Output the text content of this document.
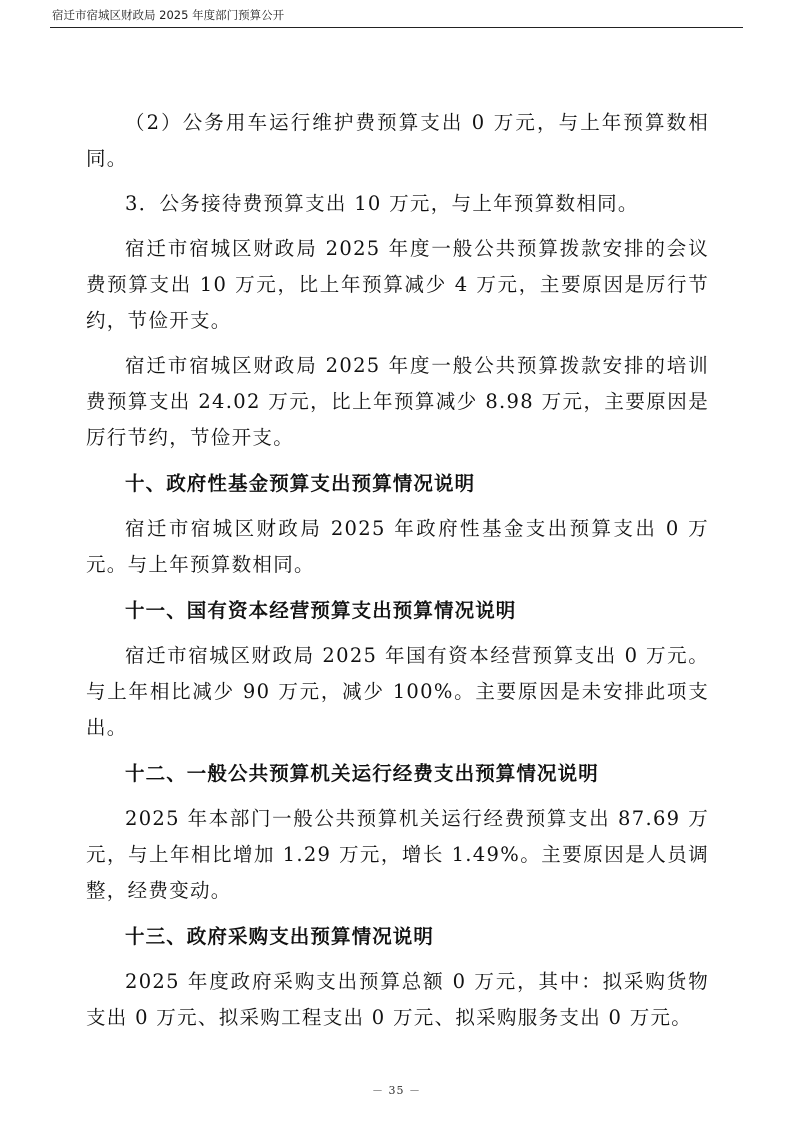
宿迁市宿城区财政局 2025 年度部门预算公开

（2）公务用车运行维护费预算支出 0 万元，与上年预算数相同。

3．公务接待费预算支出 10 万元，与上年预算数相同。

宿迁市宿城区财政局 2025 年度一般公共预算拨款安排的会议费预算支出 10 万元，比上年预算减少 4 万元，主要原因是厉行节约，节俭开支。

宿迁市宿城区财政局 2025 年度一般公共预算拨款安排的培训费预算支出 24.02 万元，比上年预算减少 8.98 万元，主要原因是厉行节约，节俭开支。

十、政府性基金预算支出预算情况说明

宿迁市宿城区财政局 2025 年政府性基金支出预算支出 0 万元。与上年预算数相同。

十一、国有资本经营预算支出预算情况说明

宿迁市宿城区财政局 2025 年国有资本经营预算支出 0 万元。与上年相比减少 90 万元，减少 100%。主要原因是未安排此项支出。

十二、一般公共预算机关运行经费支出预算情况说明

2025 年本部门一般公共预算机关运行经费预算支出 87.69 万元，与上年相比增加 1.29 万元，增长 1.49%。主要原因是人员调整，经费变动。

十三、政府采购支出预算情况说明

2025 年度政府采购支出预算总额 0 万元，其中：拟采购货物支出 0 万元、拟采购工程支出 0 万元、拟采购服务支出 0 万元。

－ 35 －
